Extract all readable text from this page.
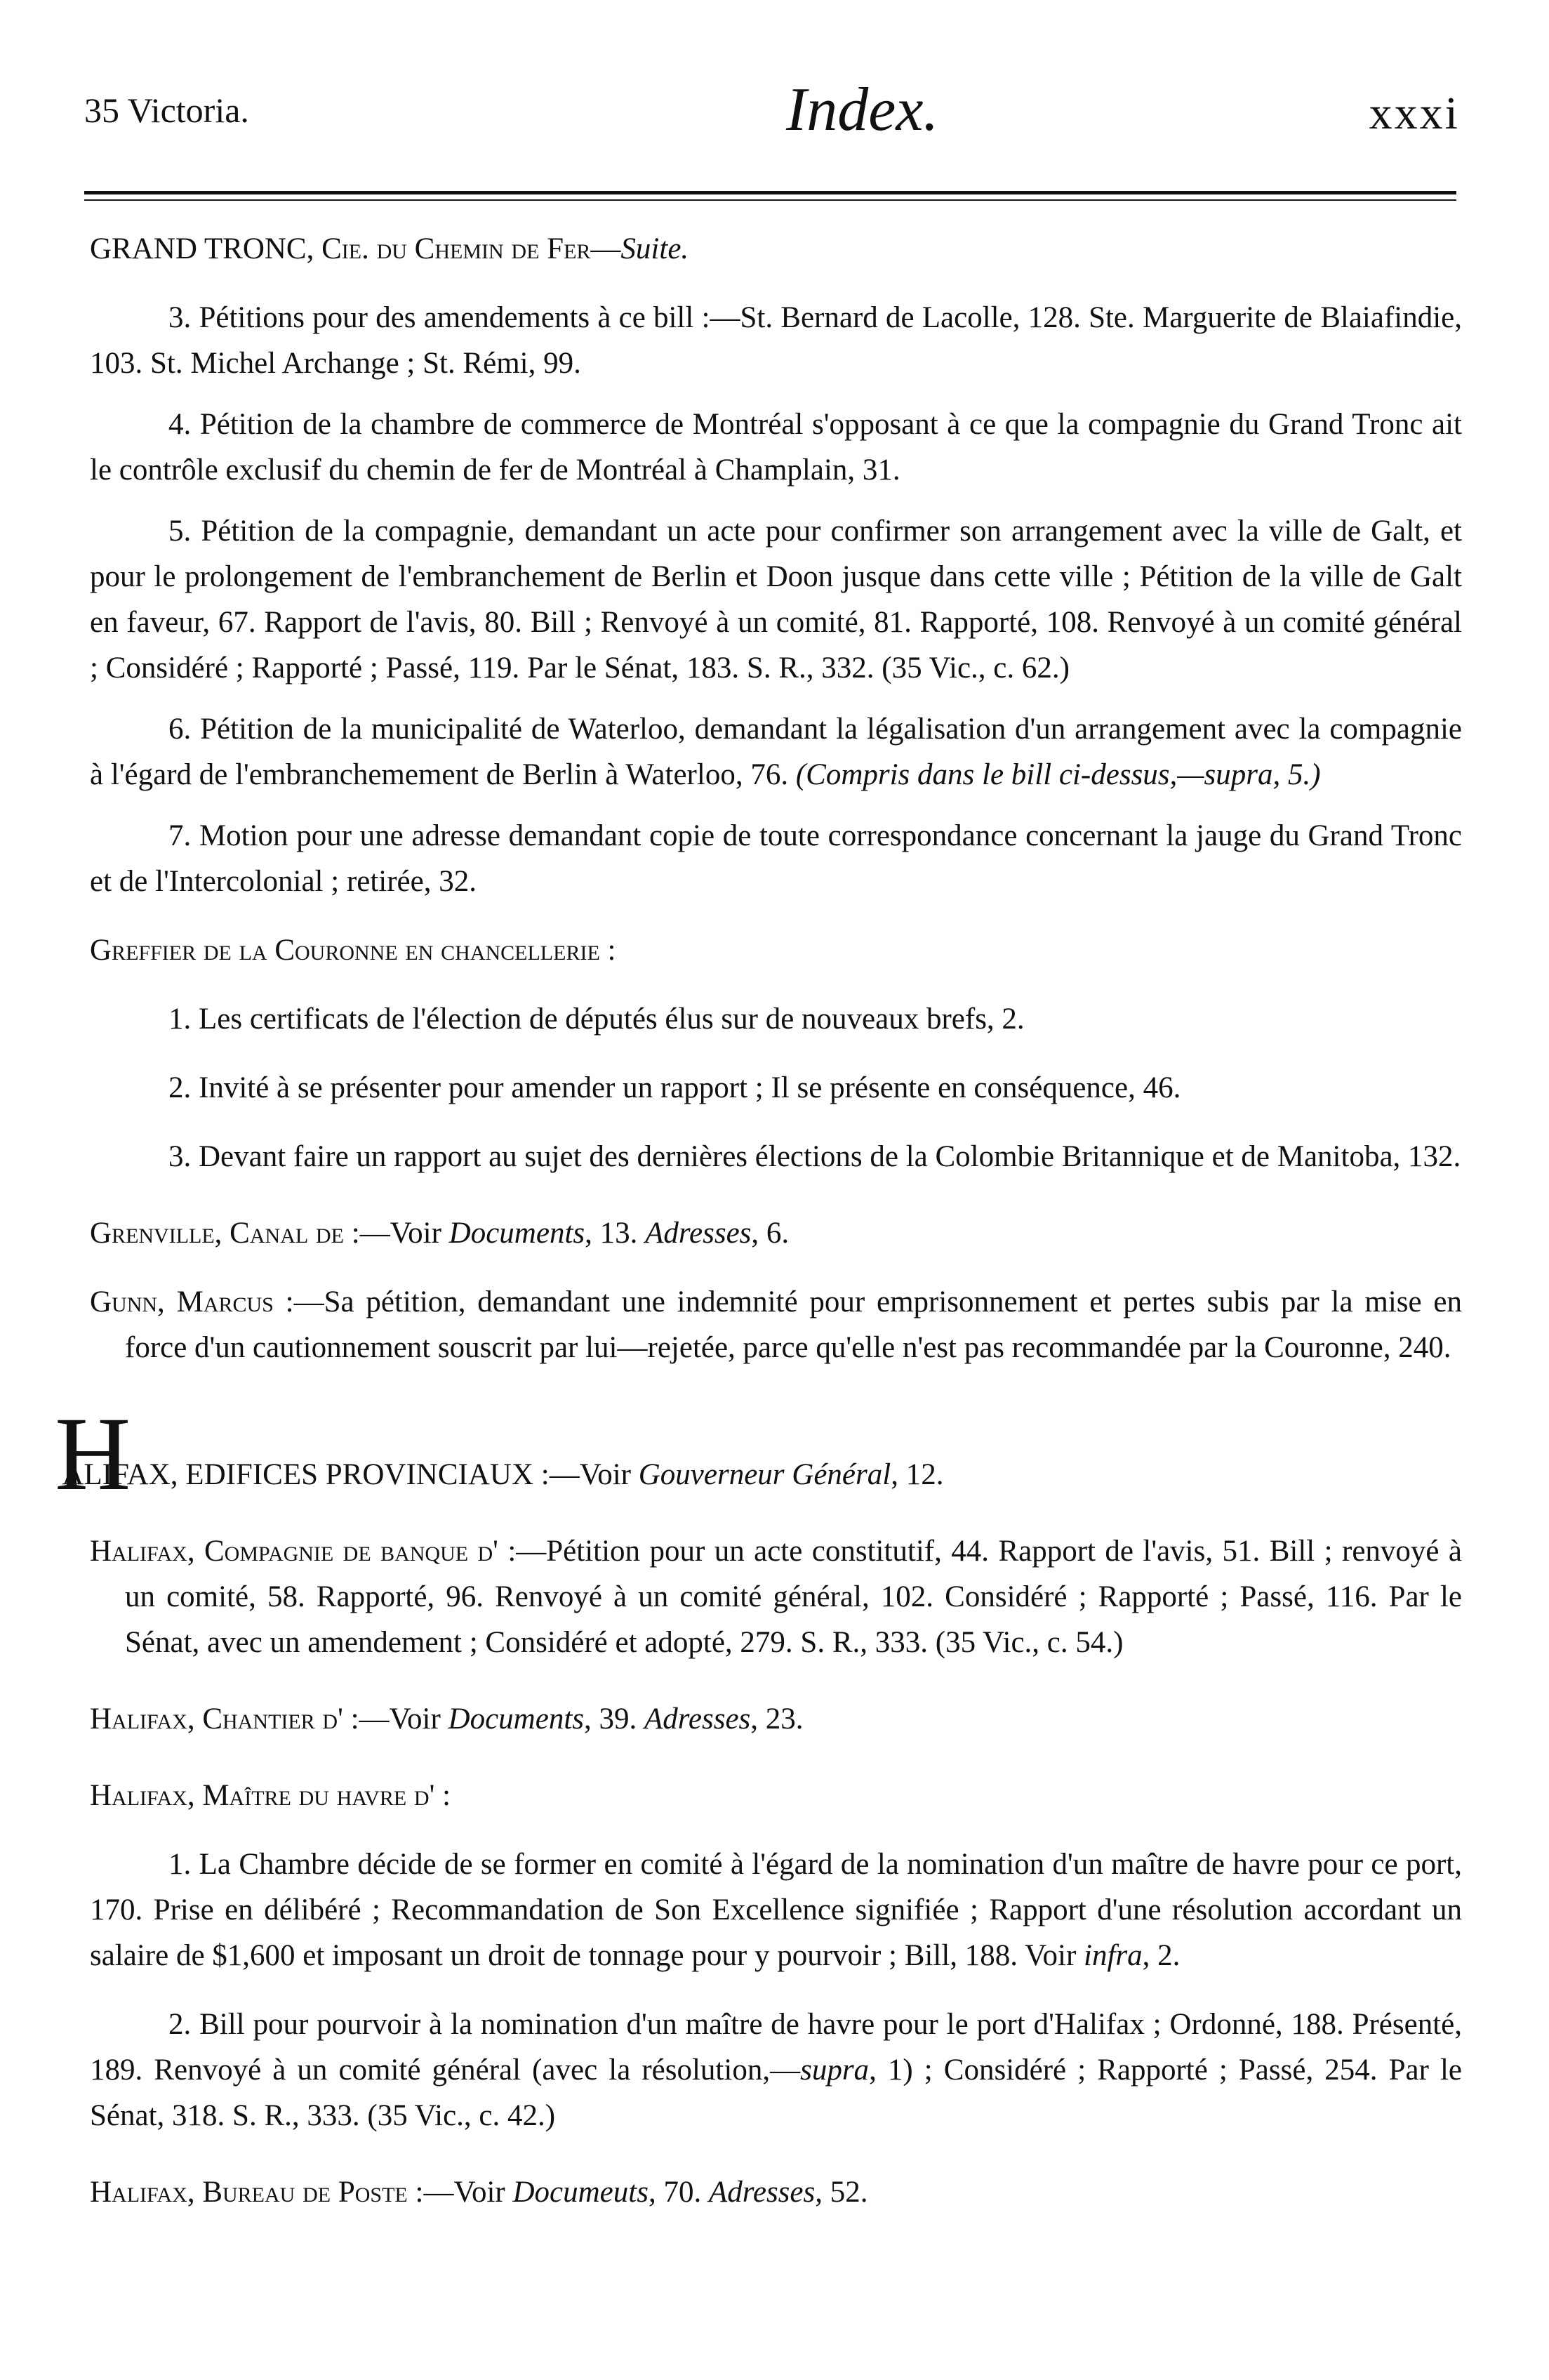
35 Victoria.	Index.	xxxi

GRAND TRONC, Cie. du Chemin de Fer—Suite.

3. Pétitions pour des amendements à ce bill :—St. Bernard de Lacolle, 128. Ste. Marguerite de Blaiafindie, 103. St. Michel Archange ; St. Rémi, 99.

4. Pétition de la chambre de commerce de Montréal s'opposant à ce que la compagnie du Grand Tronc ait le contrôle exclusif du chemin de fer de Montréal à Champlain, 31.

5. Pétition de la compagnie, demandant un acte pour confirmer son arrangement avec la ville de Galt, et pour le prolongement de l'embranchement de Berlin et Doon jusque dans cette ville ; Pétition de la ville de Galt en faveur, 67. Rapport de l'avis, 80. Bill ; Renvoyé à un comité, 81. Rapporté, 108. Renvoyé à un comité général ; Considéré ; Rapporté ; Passé, 119. Par le Sénat, 183. S. R., 332. (35 Vic., c. 62.)

6. Pétition de la municipalité de Waterloo, demandant la légalisation d'un arrangement avec la compagnie à l'égard de l'embranchemement de Berlin à Waterloo, 76. (Compris dans le bill ci-dessus,—supra, 5.)

7. Motion pour une adresse demandant copie de toute correspondance concernant la jauge du Grand Tronc et de l'Intercolonial ; retirée, 32.

Greffier de la Couronne en chancellerie :

1. Les certificats de l'élection de députés élus sur de nouveaux brefs, 2.

2. Invité à se présenter pour amender un rapport ; Il se présente en conséquence, 46.

3. Devant faire un rapport au sujet des dernières élections de la Colombie Britannique et de Manitoba, 132.

Grenville, Canal de :—Voir Documents, 13. Adresses, 6.

Gunn, Marcus :—Sa pétition, demandant une indemnité pour emprisonnement et pertes subis par la mise en force d'un cautionnement souscrit par lui—rejetée, parce qu'elle n'est pas recommandée par la Couronne, 240.

H
ALIFAX, EDIFICES PROVINCIAUX :—Voir Gouverneur Général, 12.

Halifax, Compagnie de banque d' :—Pétition pour un acte constitutif, 44. Rapport de l'avis, 51. Bill ; renvoyé à un comité, 58. Rapporté, 96. Renvoyé à un comité général, 102. Considéré ; Rapporté ; Passé, 116. Par le Sénat, avec un amendement ; Considéré et adopté, 279. S. R., 333. (35 Vic., c. 54.)

Halifax, Chantier d' :—Voir Documents, 39. Adresses, 23.

Halifax, Maître du havre d' :

1. La Chambre décide de se former en comité à l'égard de la nomination d'un maître de havre pour ce port, 170. Prise en délibéré ; Recommandation de Son Excellence signifiée ; Rapport d'une résolution accordant un salaire de $1,600 et imposant un droit de tonnage pour y pourvoir ; Bill, 188. Voir infra, 2.

2. Bill pour pourvoir à la nomination d'un maître de havre pour le port d'Halifax ; Ordonné, 188. Présenté, 189. Renvoyé à un comité général (avec la résolution,—supra, 1) ; Considéré ; Rapporté ; Passé, 254. Par le Sénat, 318. S. R., 333. (35 Vic., c. 42.)

Halifax, Bureau de Poste :—Voir Documeuts, 70. Adresses, 52.
